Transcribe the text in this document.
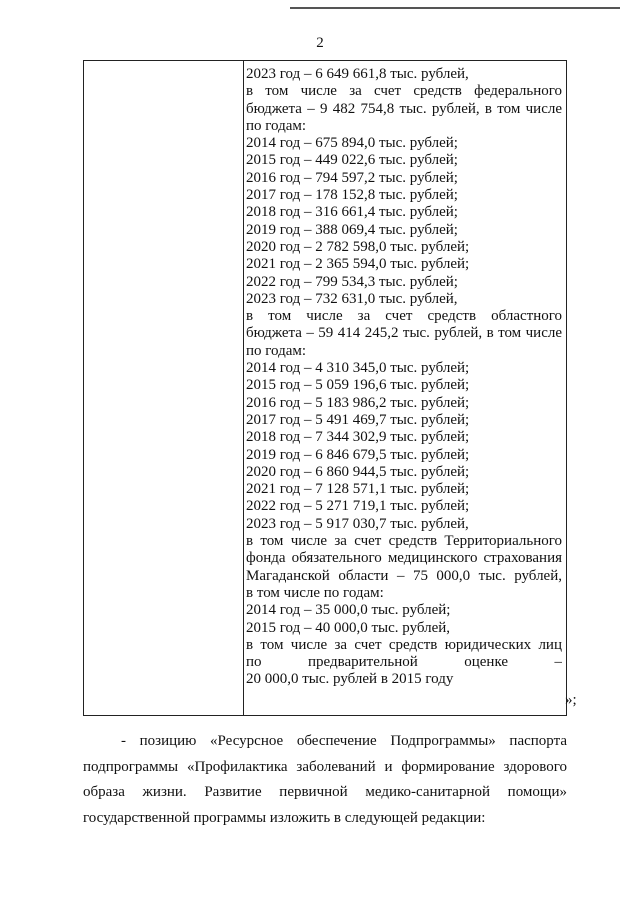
2
2023 год – 6 649 661,8 тыс. рублей,
в том числе за счет средств федерального
бюджета – 9 482 754,8 тыс. рублей, в том числе
по годам:
2014 год – 675 894,0 тыс. рублей;
2015 год – 449 022,6 тыс. рублей;
2016 год – 794 597,2 тыс. рублей;
2017 год – 178 152,8 тыс. рублей;
2018 год – 316 661,4 тыс. рублей;
2019 год – 388 069,4 тыс. рублей;
2020 год – 2 782 598,0 тыс. рублей;
2021 год – 2 365 594,0 тыс. рублей;
2022 год – 799 534,3 тыс. рублей;
2023 год – 732 631,0 тыс. рублей,
в том числе за счет средств областного
бюджета – 59 414 245,2 тыс. рублей, в том числе
по годам:
2014 год – 4 310 345,0 тыс. рублей;
2015 год – 5 059 196,6 тыс. рублей;
2016 год – 5 183 986,2 тыс. рублей;
2017 год – 5 491 469,7 тыс. рублей;
2018 год – 7 344 302,9 тыс. рублей;
2019 год – 6 846 679,5 тыс. рублей;
2020 год – 6 860 944,5 тыс. рублей;
2021 год – 7 128 571,1 тыс. рублей;
2022 год – 5 271 719,1 тыс. рублей;
2023 год – 5 917 030,7 тыс. рублей,
в том числе за счет средств Территориального
фонда обязательного медицинского страхования
Магаданской области – 75 000,0 тыс. рублей,
в том числе по годам:
2014 год – 35 000,0 тыс. рублей;
2015 год – 40 000,0 тыс. рублей,
в том числе за счет средств юридических лиц
по предварительной оценке –
20 000,0 тыс. рублей в 2015 году
»;
- позицию «Ресурсное обеспечение Подпрограммы» паспорта
подпрограммы «Профилактика заболеваний и формирование здорового
образа жизни. Развитие первичной медико-санитарной помощи»
государственной программы изложить в следующей редакции:
